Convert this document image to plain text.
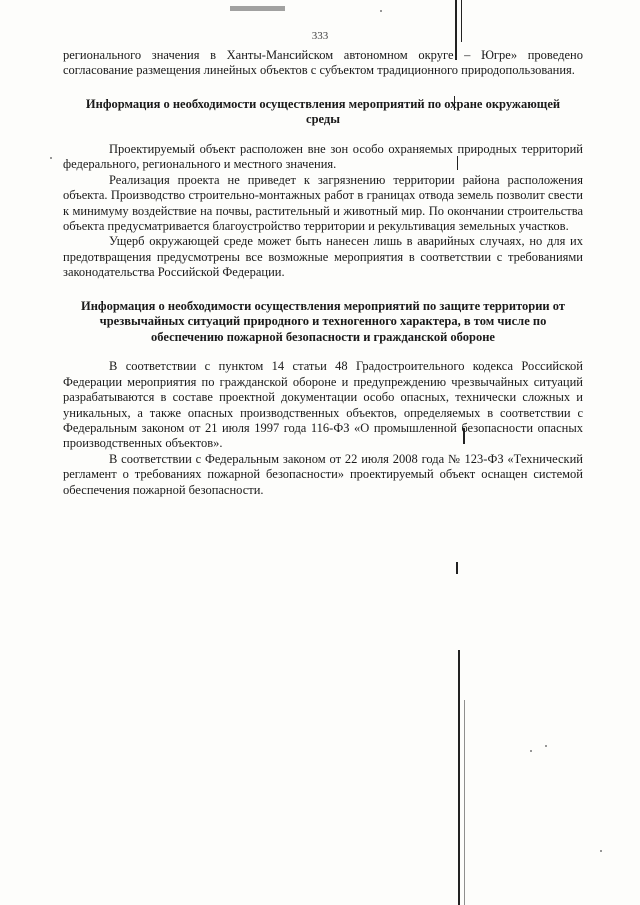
333

регионального значения в Ханты-Мансийском автономном округе – Югре» проведено согласование размещения линейных объектов с субъектом традиционного природопользования.

Информация о необходимости осуществления мероприятий по охране окружающей среды

Проектируемый объект расположен вне зон особо охраняемых природных территорий федерального, регионального и местного значения.

Реализация проекта не приведет к загрязнению территории района расположения объекта. Производство строительно-монтажных работ в границах отвода земель позволит свести к минимуму воздействие на почвы, растительный и животный мир. По окончании строительства объекта предусматривается благоустройство территории и рекультивация земельных участков.

Ущерб окружающей среде может быть нанесен лишь в аварийных случаях, но для их предотвращения предусмотрены все возможные мероприятия в соответствии с требованиями законодательства Российской Федерации.

Информация о необходимости осуществления мероприятий по защите территории от чрезвычайных ситуаций природного и техногенного характера, в том числе по обеспечению пожарной безопасности и гражданской обороне

В соответствии с пунктом 14 статьи 48 Градостроительного кодекса Российской Федерации мероприятия по гражданской обороне и предупреждению чрезвычайных ситуаций разрабатываются в составе проектной документации особо опасных, технически сложных и уникальных, а также опасных производственных объектов, определяемых в соответствии с Федеральным законом от 21 июля 1997 года 116-ФЗ «О промышленной безопасности опасных производственных объектов».

В соответствии с Федеральным законом от 22 июля 2008 года № 123-ФЗ «Технический регламент о требованиях пожарной безопасности» проектируемый объект оснащен системой обеспечения пожарной безопасности.
